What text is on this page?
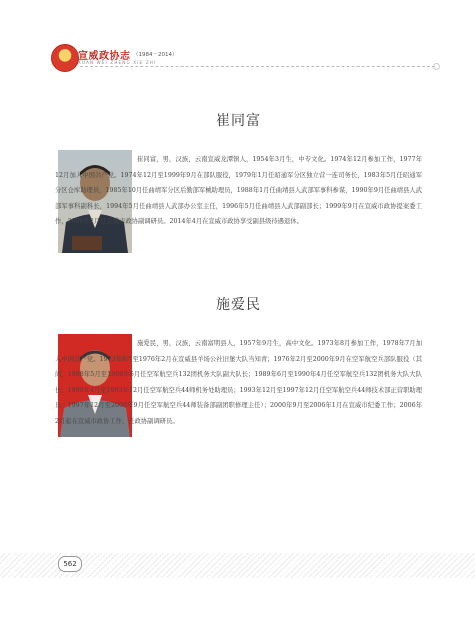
宣威政协志 （1984－2014）
XUAN WEI ZHENG XIE ZHI
崔同富
崔同富，男，汉族，云南宣威龙潭镇人，1954年3月生，中专文化。1974年12月参加工作，1977年12月加入中国共产党。1974年12月至1999年9月在部队服役，1979年1月任昭通军分区独立营一连司务长，1983年5月任昭通军分区仓库助理员，1985年10月任曲靖军分区后勤部军械助理员，1988年1月任曲靖县人武部军事科参谋，1990年9月任曲靖县人武部军事科副科长，1994年5月任曲靖县人武部办公室主任，1996年5月任曲靖县人武部副部长；1999年9月在宣威市政协提案委工作，2006年2月任宣威市政协副调研员。2014年4月在宣威市政协享受副县级待遇退休。
施爱民
施爱民，男，汉族，云南富明县人，1957年9月生，高中文化。1973年8月参加工作，1978年7月加入中国共产党。1973年8月至1976年2月在宣威县羊场公社旧堡大队当知青；1976年2月至2000年9月在空军航空兵部队服役（其间，1988年5月至1989年6月任空军航空兵132团机务大队副大队长；1989年6月至1990年4月任空军航空兵132团机务大队大队长；1990年4月至1993年12月任空军航空兵44师机务处助理员；1993年12月至1997年12月任空军航空兵44师技术部正营职助理员；1997年12月至2000年9月任空军航空兵44师装备部副团职修理主任）；2000年9月至2006年1月在宣威市纪委工作；2006年2月起在宣威市政协工作，任政协副调研员。
562
